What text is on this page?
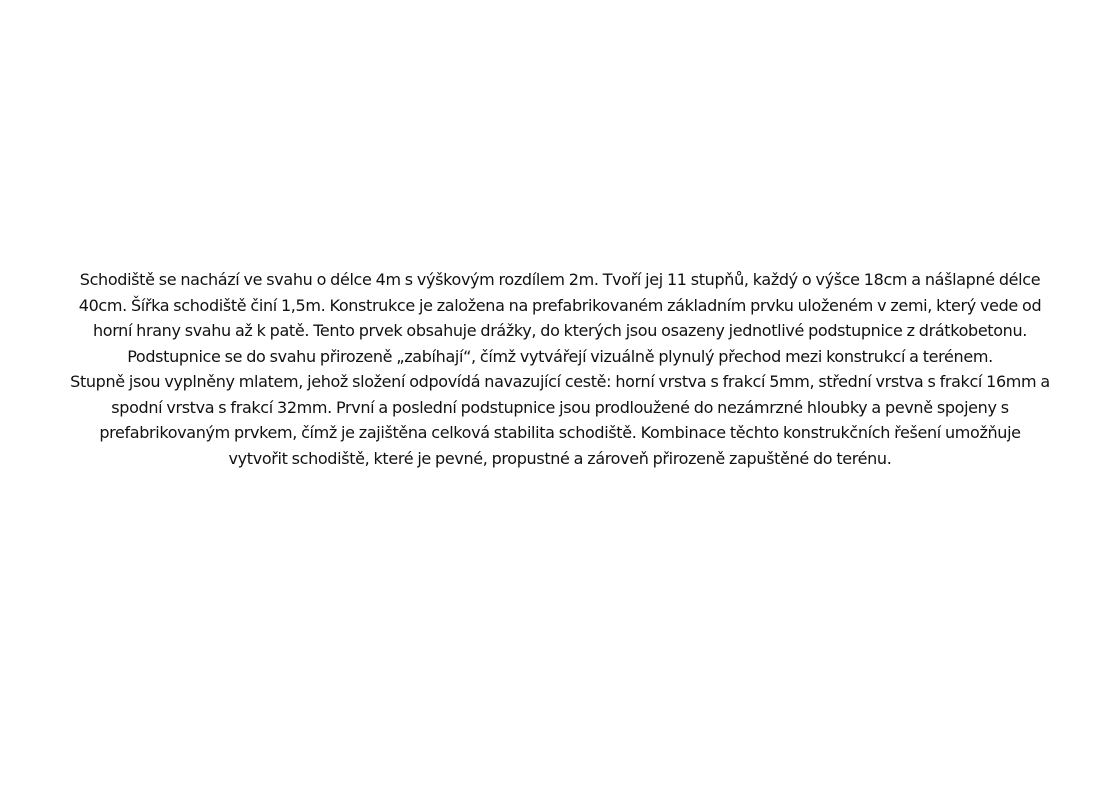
Schodiště se nachází ve svahu o délce 4m s výškovým rozdílem 2m. Tvoří jej 11 stupňů, každý o výšce 18cm a nášlapné délce 40cm. Šířka schodiště činí 1,5m. Konstrukce je založena na prefabrikovaném základním prvku uloženém v zemi, který vede od horní hrany svahu až k patě. Tento prvek obsahuje drážky, do kterých jsou osazeny jednotlivé podstupnice z drátkobetonu. Podstupnice se do svahu přirozeně „zabíhají“, čímž vytvářejí vizuálně plynulý přechod mezi konstrukcí a terénem.

Stupně jsou vyplněny mlatem, jehož složení odpovídá navazující cestě: horní vrstva s frakcí 5mm, střední vrstva s frakcí 16mm a spodní vrstva s frakcí 32mm. První a poslední podstupnice jsou prodloužené do nezámrzné hloubky a pevně spojeny s prefabrikovaným prvkem, čímž je zajištěna celková stabilita schodiště. Kombinace těchto konstrukčních řešení umožňuje vytvořit schodiště, které je pevné, propustné a zároveň přirozeně zapuštěné do terénu.
